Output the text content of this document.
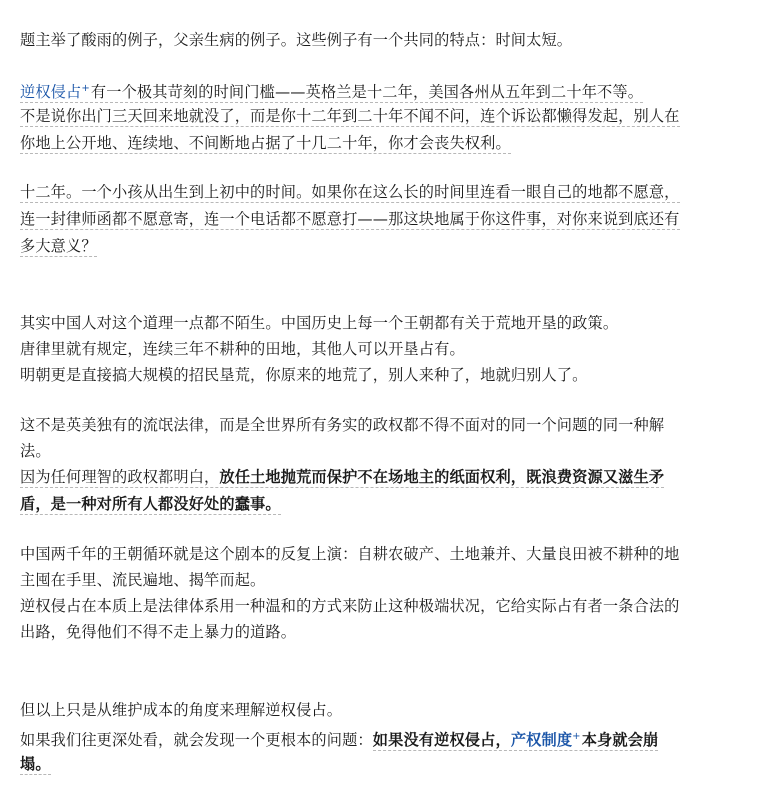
题主举了酸雨的例子，父亲生病的例子。这些例子有一个共同的特点：时间太短。
逆权侵占+有一个极其苛刻的时间门槛——英格兰是十二年，美国各州从五年到二十年不等。
不是说你出门三天回来地就没了，而是你十二年到二十年不闻不问，连个诉讼都懒得发起，别人在
你地上公开地、连续地、不间断地占据了十几二十年，你才会丧失权利。
十二年。一个小孩从出生到上初中的时间。如果你在这么长的时间里连看一眼自己的地都不愿意，
连一封律师函都不愿意寄，连一个电话都不愿意打——那这块地属于你这件事，对你来说到底还有
多大意义？
其实中国人对这个道理一点都不陌生。中国历史上每一个王朝都有关于荒地开垦的政策。
唐律里就有规定，连续三年不耕种的田地，其他人可以开垦占有。
明朝更是直接搞大规模的招民垦荒，你原来的地荒了，别人来种了，地就归别人了。
这不是英美独有的流氓法律，而是全世界所有务实的政权都不得不面对的同一个问题的同一种解
法。
因为任何理智的政权都明白，放任土地抛荒而保护不在场地主的纸面权利，既浪费资源又滋生矛
盾，是一种对所有人都没好处的蠢事。
中国两千年的王朝循环就是这个剧本的反复上演：自耕农破产、土地兼并、大量良田被不耕种的地
主囤在手里、流民遍地、揭竿而起。
逆权侵占在本质上是法律体系用一种温和的方式来防止这种极端状况，它给实际占有者一条合法的
出路，免得他们不得不走上暴力的道路。
但以上只是从维护成本的角度来理解逆权侵占。
如果我们往更深处看，就会发现一个更根本的问题：如果没有逆权侵占，产权制度+本身就会崩
塌。
